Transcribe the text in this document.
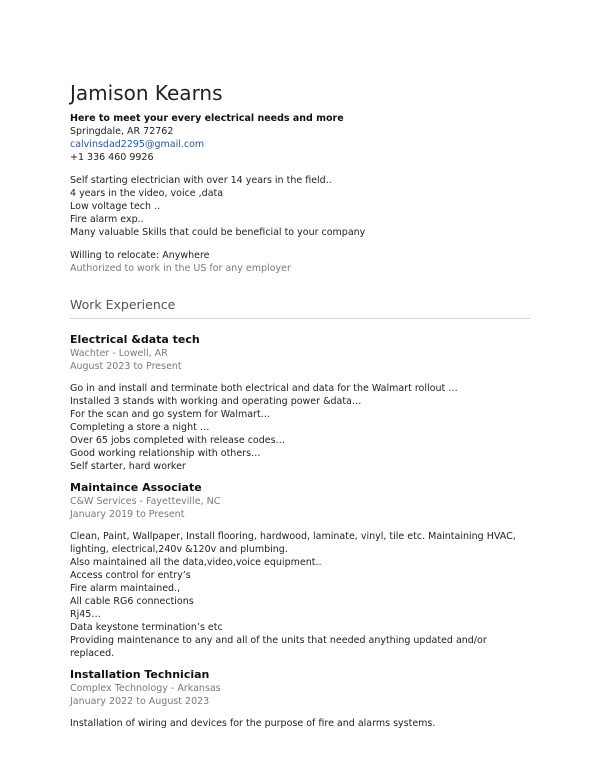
Jamison Kearns

Here to meet your every electrical needs and more

Springdale, AR 72762

calvinsdad2295@gmail.com

+1 336 460 9926

Self starting electrician with over 14 years in the field..

4 years in the video, voice ,data

Low voltage tech ..

Fire alarm exp..

Many valuable Skills that could be beneficial to your company

Willing to relocate: Anywhere

Authorized to work in the US for any employer

Work Experience

Electrical &data tech

Wachter - Lowell, AR

August 2023 to Present

Go in and install and terminate both electrical and data for the Walmart rollout …

Installed 3 stands with working and operating power &data…

For the scan and go system for Walmart…

Completing a store a night …

Over 65 jobs completed with release codes…

Good working relationship with others…

Self starter, hard worker

Maintaince Associate

C&W Services - Fayetteville, NC

January 2019 to Present

Clean, Paint, Wallpaper, Install flooring, hardwood, laminate, vinyl, tile etc. Maintaining HVAC, lighting, electrical,240v &120v and plumbing.

Also maintained all the data,video,voice equipment..

Access control for entry’s

Fire alarm maintained.,

All cable RG6 connections

Rj45…

Data keystone termination’s etc

Providing maintenance to any and all of the units that needed anything updated and/or replaced.

Installation Technician

Complex Technology - Arkansas

January 2022 to August 2023

Installation of wiring and devices for the purpose of fire and alarms systems.
